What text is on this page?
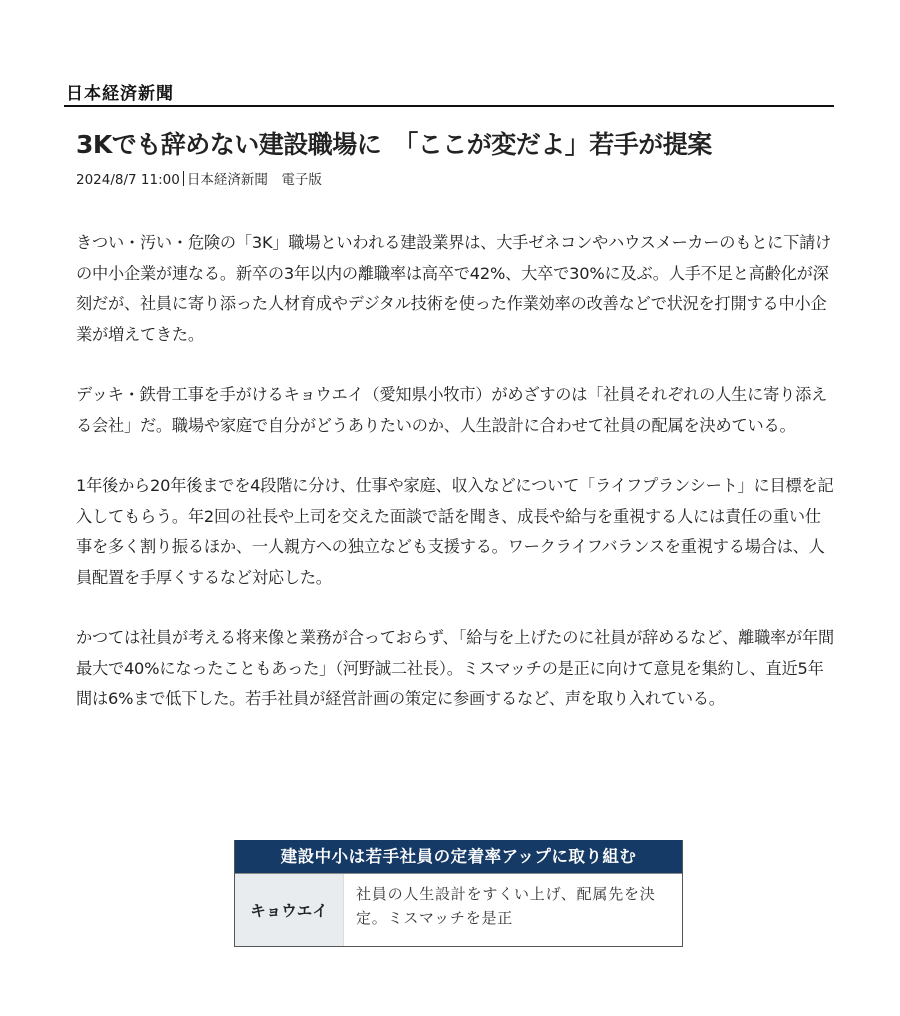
日本経済新聞
3Kでも辞めない建設職場に　「ここが変だよ」若手が提案
2024/8/7 11:00 日本経済新聞　電子版

きつい・汚い・危険の「3K」職場といわれる建設業界は、大手ゼネコンやハウスメーカーのもとに下請けの中小企業が連なる。新卒の3年以内の離職率は高卒で42%、大卒で30%に及ぶ。人手不足と高齢化が深刻だが、社員に寄り添った人材育成やデジタル技術を使った作業効率の改善などで状況を打開する中小企業が増えてきた。

デッキ・鉄骨工事を手がけるキョウエイ（愛知県小牧市）がめざすのは「社員それぞれの人生に寄り添える会社」だ。職場や家庭で自分がどうありたいのか、人生設計に合わせて社員の配属を決めている。

1年後から20年後までを4段階に分け、仕事や家庭、収入などについて「ライフプランシート」に目標を記入してもらう。年2回の社長や上司を交えた面談で話を聞き、成長や給与を重視する人には責任の重い仕事を多く割り振るほか、一人親方への独立なども支援する。ワークライフバランスを重視する場合は、人員配置を手厚くするなど対応した。

かつては社員が考える将来像と業務が合っておらず、「給与を上げたのに社員が辞めるなど、離職率が年間最大で40%になったこともあった」（河野誠二社長）。ミスマッチの是正に向けて意見を集約し、直近5年間は6%まで低下した。若手社員が経営計画の策定に参画するなど、声を取り入れている。

建設中小は若手社員の定着率アップに取り組む
キョウエイ
社員の人生設計をすくい上げ、配属先を決定。ミスマッチを是正
